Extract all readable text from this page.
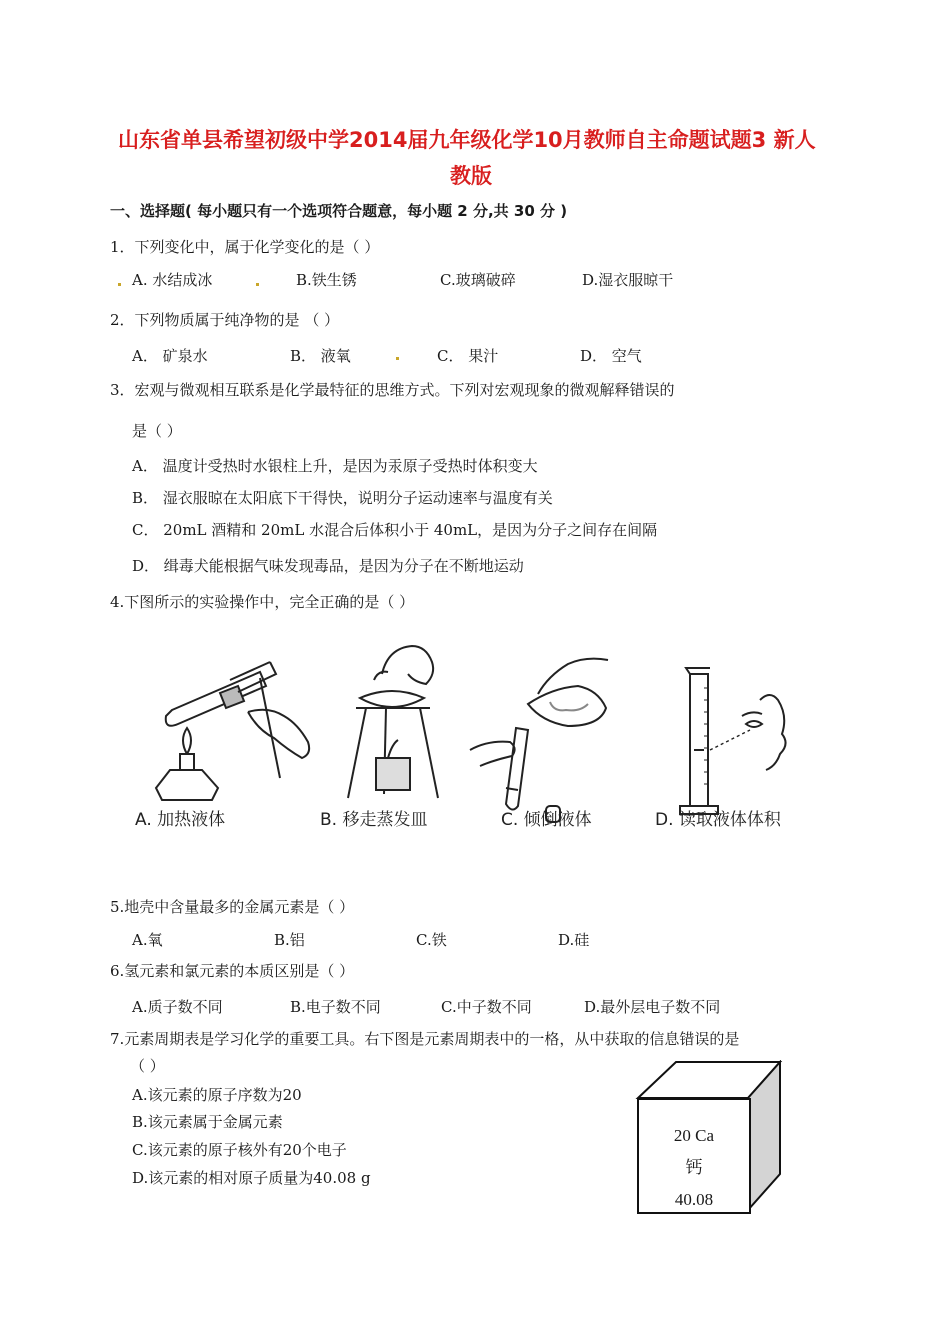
山东省单县希望初级中学2014届九年级化学10月教师自主命题试题3 新人
教版
一、选择题( 每小题只有一个选项符合题意，每小题 2 分,共 30 分 )
1．下列变化中，属于化学变化的是（ ）
A. 水结成冰	B.铁生锈	C.玻璃破碎	D.湿衣服晾干
2．下列物质属于纯净物的是 （ ）
A． 矿泉水	B． 液氧	C． 果汁	D． 空气
3．宏观与微观相互联系是化学最特征的思维方式。下列对宏观现象的微观解释错误的
是（ ）
A． 温度计受热时水银柱上升，是因为汞原子受热时体积变大
B． 湿衣服晾在太阳底下干得快，说明分子运动速率与温度有关
C． 20mL 酒精和 20mL 水混合后体积小于 40mL，是因为分子之间存在间隔
D． 缉毒犬能根据气味发现毒品，是因为分子在不断地运动
4.下图所示的实验操作中，完全正确的是（ ）
A. 加热液体	B. 移走蒸发皿	C. 倾倒液体	D. 读取液体体积
5.地壳中含量最多的金属元素是（ ）
A.氧	B.铝	C.铁	D.硅
6.氢元素和氯元素的本质区别是（ ）
A.质子数不同	B.电子数不同	C.中子数不同	D.最外层电子数不同
7.元素周期表是学习化学的重要工具。右下图是元素周期表中的一格，从中获取的信息错误的是
（ ）
A.该元素的原子序数为20
B.该元素属于金属元素
C.该元素的原子核外有20个电子
D.该元素的相对原子质量为40.08 g
20 Ca
钙
40.08
